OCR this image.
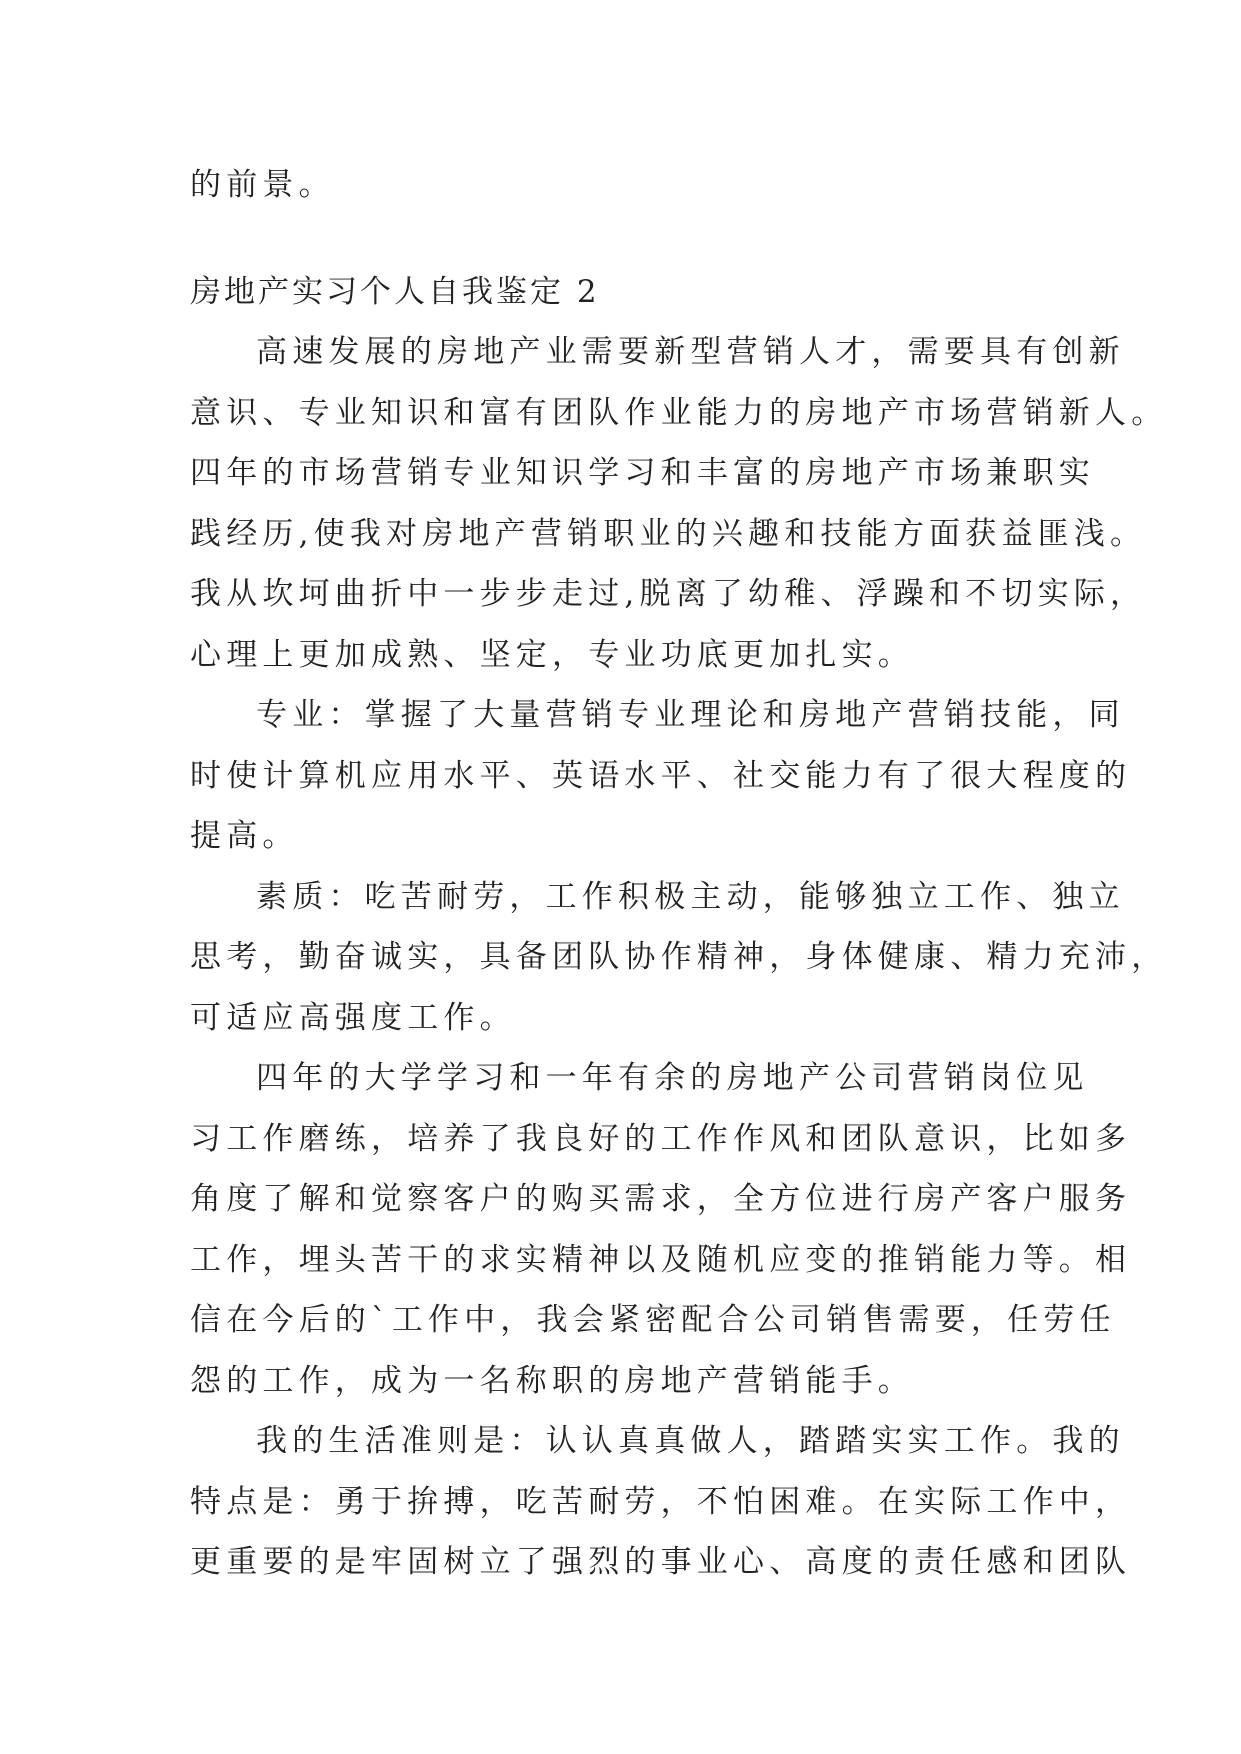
的前景。
房地产实习个人自我鉴定 2
高速发展的房地产业需要新型营销人才，需要具有创新
意识、专业知识和富有团队作业能力的房地产市场营销新人。
四年的市场营销专业知识学习和丰富的房地产市场兼职实
践经历,使我对房地产营销职业的兴趣和技能方面获益匪浅。
我从坎坷曲折中一步步走过,脱离了幼稚、浮躁和不切实际，
心理上更加成熟、坚定，专业功底更加扎实。
专业：掌握了大量营销专业理论和房地产营销技能，同
时使计算机应用水平、英语水平、社交能力有了很大程度的
提高。
素质：吃苦耐劳，工作积极主动，能够独立工作、独立
思考，勤奋诚实，具备团队协作精神，身体健康、精力充沛，
可适应高强度工作。
四年的大学学习和一年有余的房地产公司营销岗位见
习工作磨练，培养了我良好的工作作风和团队意识，比如多
角度了解和觉察客户的购买需求，全方位进行房产客户服务
工作，埋头苦干的求实精神以及随机应变的推销能力等。相
信在今后的`工作中，我会紧密配合公司销售需要，任劳任
怨的工作，成为一名称职的房地产营销能手。
我的生活准则是：认认真真做人，踏踏实实工作。我的
特点是：勇于拚搏，吃苦耐劳，不怕困难。在实际工作中，
更重要的是牢固树立了强烈的事业心、高度的责任感和团队
